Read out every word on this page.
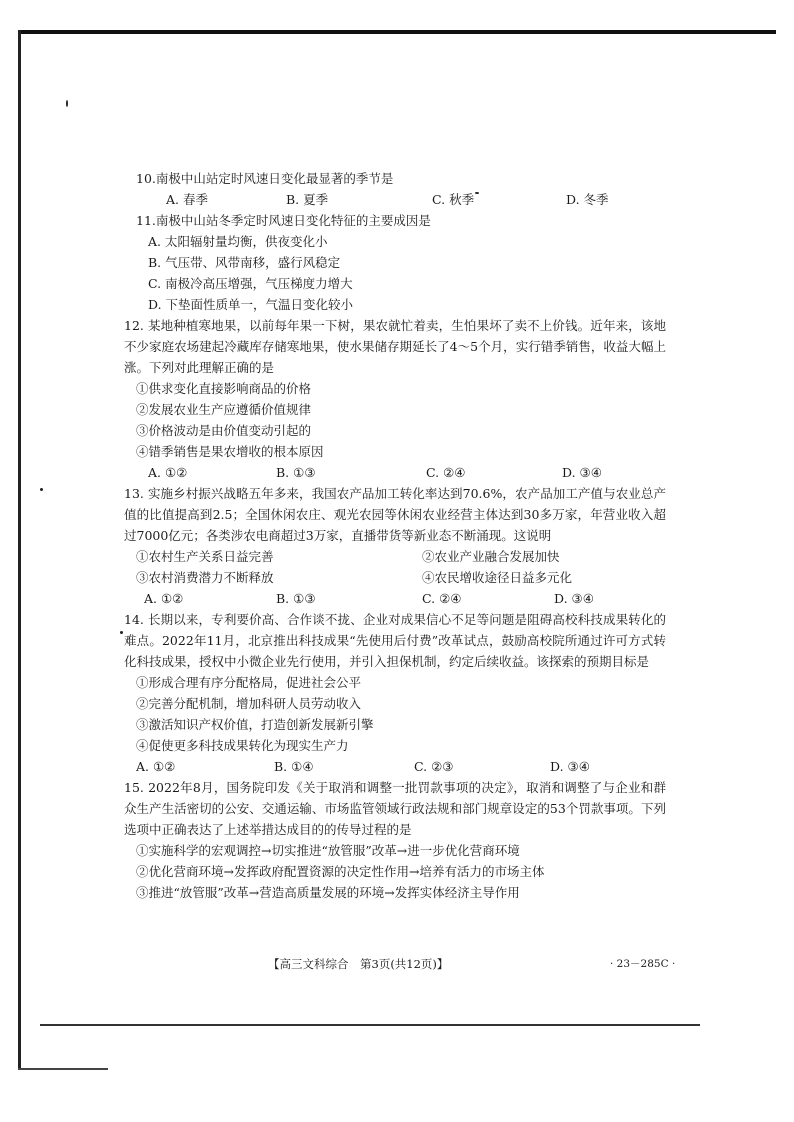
10.南极中山站定时风速日变化最显著的季节是
A. 春季	B. 夏季	C. 秋季	D. 冬季
11.南极中山站冬季定时风速日变化特征的主要成因是
A. 太阳辐射量均衡，供夜变化小
B. 气压带、风带南移，盛行风稳定
C. 南极冷高压增强，气压梯度力增大
D. 下垫面性质单一，气温日变化较小
12. 某地种植寒地果，以前每年果一下树，果农就忙着卖，生怕果坏了卖不上价钱。近年来，该地不少家庭农场建起冷藏库存储寒地果，使水果储存期延长了4～5个月，实行错季销售，收益大幅上涨。下列对此理解正确的是
①供求变化直接影响商品的价格
②发展农业生产应遵循价值规律
③价格波动是由价值变动引起的
④错季销售是果农增收的根本原因
A. ①②	B. ①③	C. ②④	D. ③④
13. 实施乡村振兴战略五年多来，我国农产品加工转化率达到70.6%，农产品加工产值与农业总产值的比值提高到2.5；全国休闲农庄、观光农园等休闲农业经营主体达到30多万家，年营业收入超过7000亿元；各类涉农电商超过3万家，直播带货等新业态不断涌现。这说明
①农村生产关系日益完善	②农业产业融合发展加快
③农村消费潜力不断释放	④农民增收途径日益多元化
A. ①②	B. ①③	C. ②④	D. ③④
14. 长期以来，专利要价高、合作谈不拢、企业对成果信心不足等问题是阻碍高校科技成果转化的难点。2022年11月，北京推出科技成果“先使用后付费”改革试点，鼓励高校院所通过许可方式转化科技成果，授权中小微企业先行使用，并引入担保机制，约定后续收益。该探索的预期目标是
①形成合理有序分配格局，促进社会公平
②完善分配机制，增加科研人员劳动收入
③激活知识产权价值，打造创新发展新引擎
④促使更多科技成果转化为现实生产力
A. ①②	B. ①④	C. ②③	D. ③④
15. 2022年8月，国务院印发《关于取消和调整一批罚款事项的决定》，取消和调整了与企业和群众生产生活密切的公安、交通运输、市场监管领域行政法规和部门规章设定的53个罚款事项。下列选项中正确表达了上述举措达成目的的传导过程的是
①实施科学的宏观调控→切实推进“放管服”改革→进一步优化营商环境
②优化营商环境→发挥政府配置资源的决定性作用→培养有活力的市场主体
③推进“放管服”改革→营造高质量发展的环境→发挥实体经济主导作用
【高三文科综合　第3页(共12页)】	· 23－285C ·
